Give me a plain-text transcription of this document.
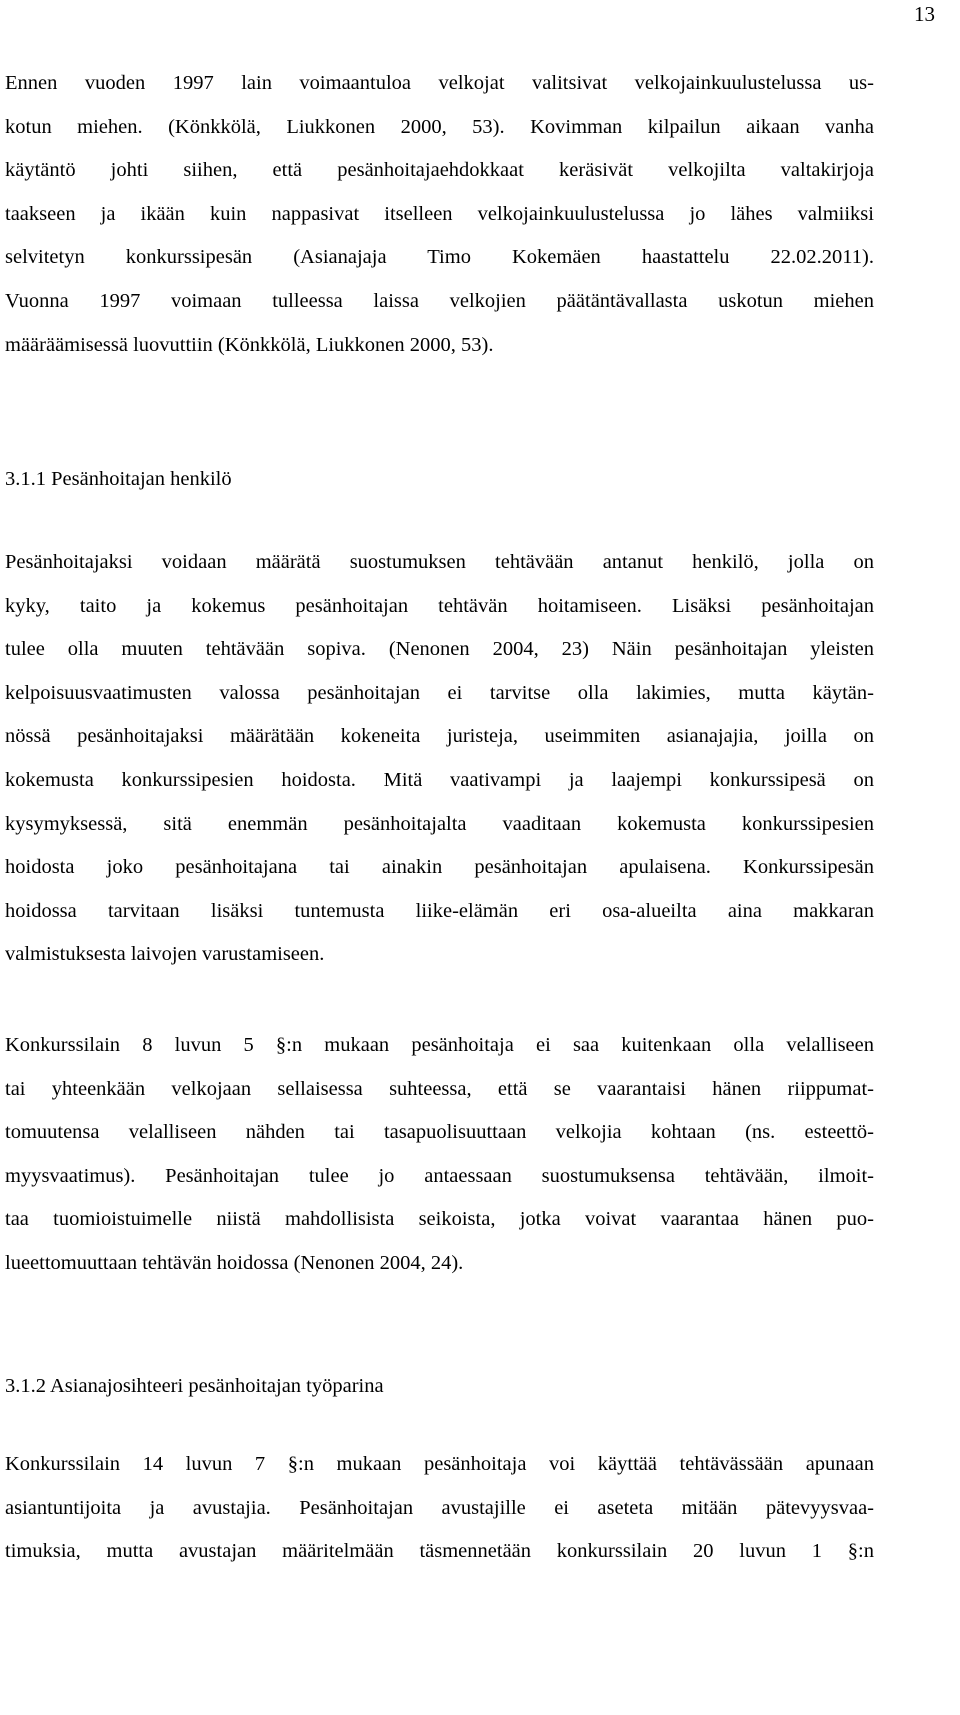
13

Ennen vuoden 1997 lain voimaantuloa velkojat valitsivat velkojainkuulustelussa us-
kotun miehen. (Könkkölä, Liukkonen 2000, 53). Kovimman kilpailun aikaan vanha
käytäntö johti siihen, että pesänhoitajaehdokkaat keräsivät velkojilta valtakirjoja
taakseen ja ikään kuin nappasivat itselleen velkojainkuulustelussa jo lähes valmiiksi
selvitetyn konkurssipesän (Asianajaja Timo Kokemäen haastattelu 22.02.2011).
Vuonna 1997 voimaan tulleessa laissa velkojien päätäntävallasta uskotun miehen
määräämisessä luovuttiin (Könkkölä, Liukkonen 2000, 53).

3.1.1 Pesänhoitajan henkilö

Pesänhoitajaksi voidaan määrätä suostumuksen tehtävään antanut henkilö, jolla on
kyky, taito ja kokemus pesänhoitajan tehtävän hoitamiseen. Lisäksi pesänhoitajan
tulee olla muuten tehtävään sopiva. (Nenonen 2004, 23) Näin pesänhoitajan yleisten
kelpoisuusvaatimusten valossa pesänhoitajan ei tarvitse olla lakimies, mutta käytän-
nössä pesänhoitajaksi määrätään kokeneita juristeja, useimmiten asianajajia, joilla on
kokemusta konkurssipesien hoidosta. Mitä vaativampi ja laajempi konkurssipesä on
kysymyksessä, sitä enemmän pesänhoitajalta vaaditaan kokemusta konkurssipesien
hoidosta joko pesänhoitajana tai ainakin pesänhoitajan apulaisena. Konkurssipesän
hoidossa tarvitaan lisäksi tuntemusta liike-elämän eri osa-alueilta aina makkaran
valmistuksesta laivojen varustamiseen.

Konkurssilain 8 luvun 5 §:n mukaan pesänhoitaja ei saa kuitenkaan olla velalliseen
tai yhteenkään velkojaan sellaisessa suhteessa, että se vaarantaisi hänen riippumat-
tomuutensa velalliseen nähden tai tasapuolisuuttaan velkojia kohtaan (ns. esteettö-
myysvaatimus). Pesänhoitajan tulee jo antaessaan suostumuksensa tehtävään, ilmoit-
taa tuomioistuimelle niistä mahdollisista seikoista, jotka voivat vaarantaa hänen puo-
lueettomuuttaan tehtävän hoidossa (Nenonen 2004, 24).

3.1.2 Asianajosihteeri pesänhoitajan työparina

Konkurssilain 14 luvun 7 §:n mukaan pesänhoitaja voi käyttää tehtävässään apunaan
asiantuntijoita ja avustajia. Pesänhoitajan avustajille ei aseteta mitään pätevyysvaa-
timuksia, mutta avustajan määritelmään täsmennetään konkurssilain 20 luvun 1 §:n
